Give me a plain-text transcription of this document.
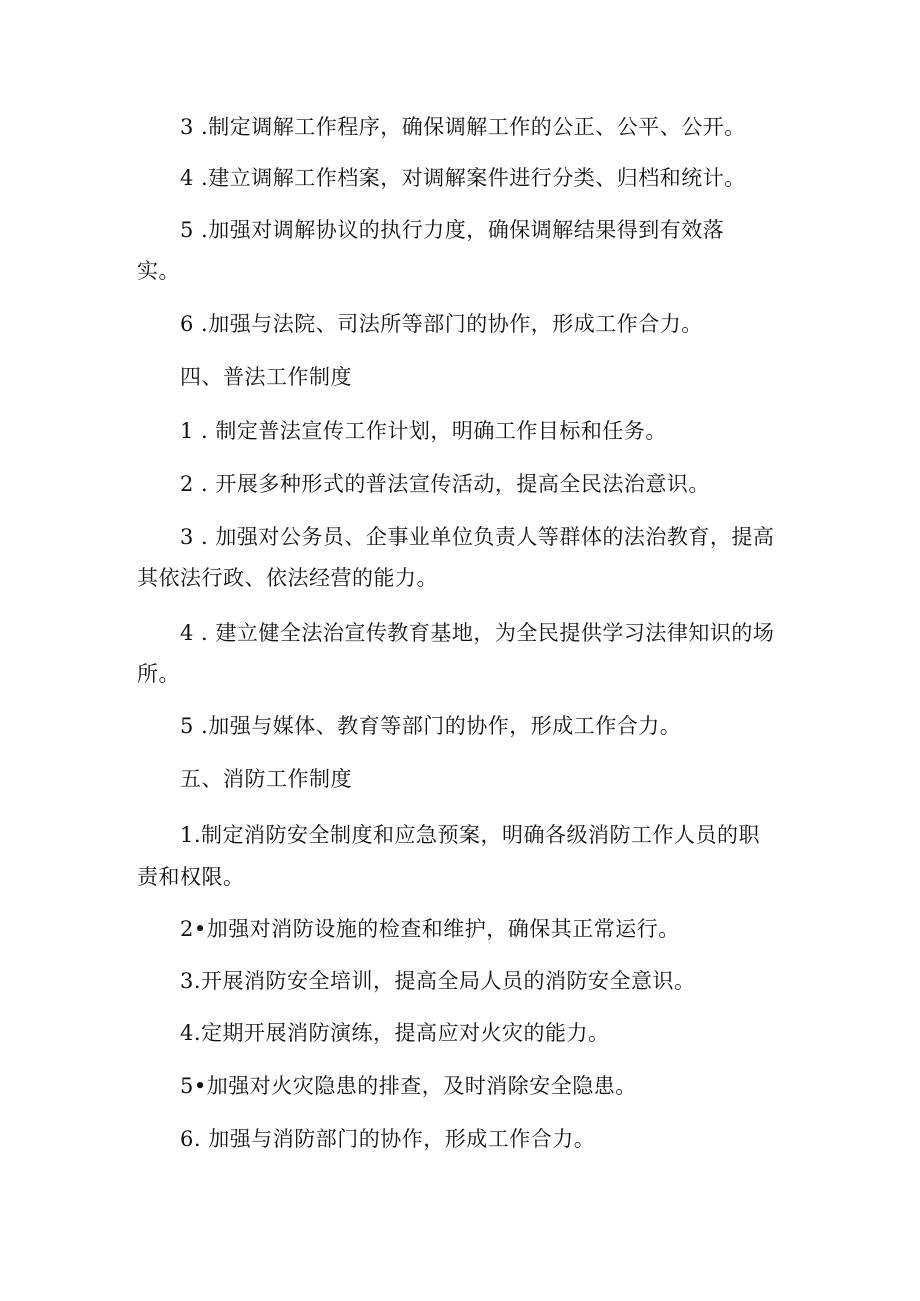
3 .制定调解工作程序，确保调解工作的公正、公平、公开。
4 .建立调解工作档案，对调解案件进行分类、归档和统计。
5 .加强对调解协议的执行力度，确保调解结果得到有效落
实。
6 .加强与法院、司法所等部门的协作，形成工作合力。
四、普法工作制度
1 . 制定普法宣传工作计划，明确工作目标和任务。
2 . 开展多种形式的普法宣传活动，提高全民法治意识。
3 . 加强对公务员、企事业单位负责人等群体的法治教育，提高
其依法行政、依法经营的能力。
4 . 建立健全法治宣传教育基地，为全民提供学习法律知识的场
所。
5 .加强与媒体、教育等部门的协作，形成工作合力。
五、消防工作制度
1.制定消防安全制度和应急预案，明确各级消防工作人员的职
责和权限。
2•加强对消防设施的检查和维护，确保其正常运行。
3.开展消防安全培训，提高全局人员的消防安全意识。
4.定期开展消防演练，提高应对火灾的能力。
5•加强对火灾隐患的排查，及时消除安全隐患。
6. 加强与消防部门的协作，形成工作合力。
